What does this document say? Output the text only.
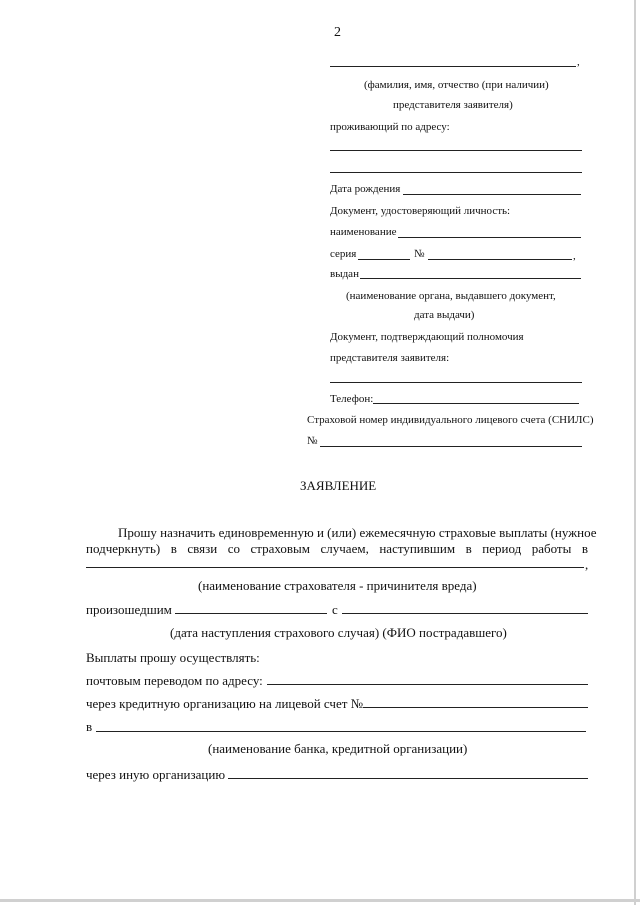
2
,
(фамилия, имя, отчество (при наличии)
представителя заявителя)
проживающий по адресу:
Дата рождения
Документ, удостоверяющий личность:
наименование
серия	№	,
выдан
(наименование органа, выдавшего документ,
дата выдачи)
Документ, подтверждающий полномочия
представителя заявителя:
Телефон:
Страховой номер индивидуального лицевого счета (СНИЛС)
№
ЗАЯВЛЕНИЕ
Прошу назначить единовременную и (или) ежемесячную страховые выплаты (нужное
подчеркнуть) в связи со страховым случаем, наступившим в период работы в
,
(наименование страхователя - причинителя вреда)
произошедшим	с
(дата наступления страхового случая) (ФИО пострадавшего)
Выплаты прошу осуществлять:
почтовым переводом по адресу:
через кредитную организацию на лицевой счет №
в
(наименование банка, кредитной организации)
через иную организацию
